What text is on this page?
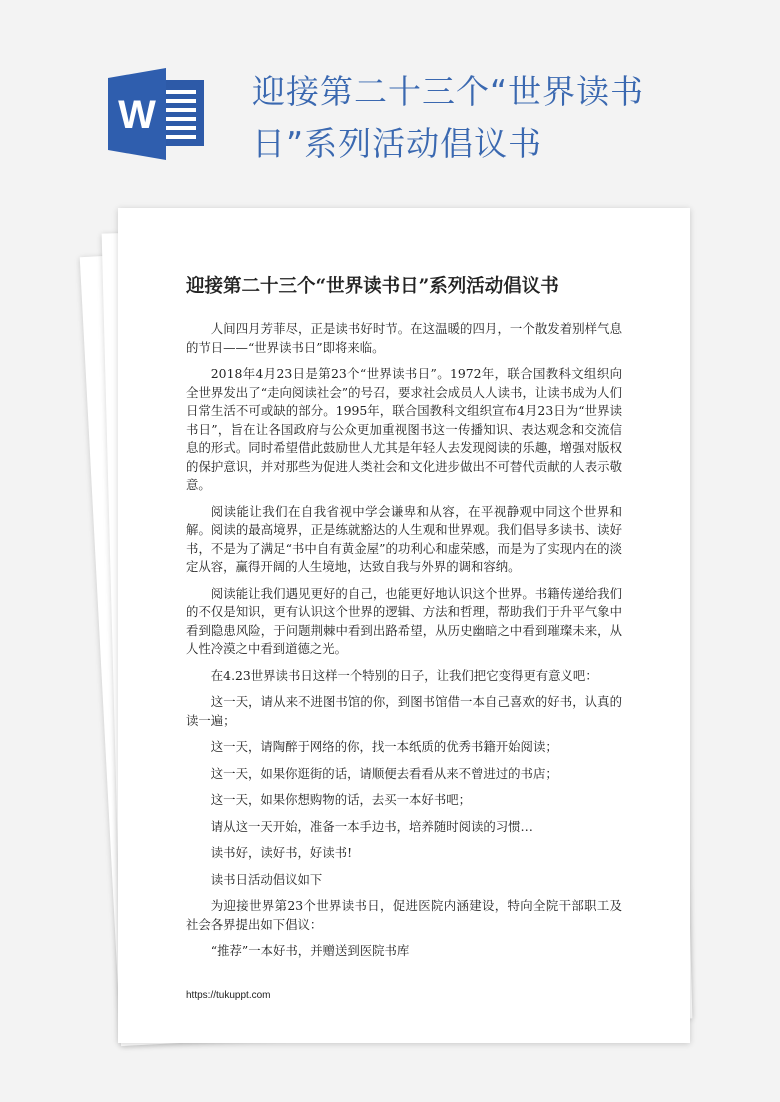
W
迎接第二十三个“世界读书日”系列活动倡议书
迎接第二十三个“世界读书日”系列活动倡议书

人间四月芳菲尽，正是读书好时节。在这温暖的四月，一个散发着别样气息的节日——“世界读书日”即将来临。

2018年4月23日是第23个“世界读书日”。1972年，联合国教科文组织向全世界发出了“走向阅读社会”的号召，要求社会成员人人读书，让读书成为人们日常生活不可或缺的部分。1995年，联合国教科文组织宣布4月23日为“世界读书日”，旨在让各国政府与公众更加重视图书这一传播知识、表达观念和交流信息的形式。同时希望借此鼓励世人尤其是年轻人去发现阅读的乐趣，增强对版权的保护意识，并对那些为促进人类社会和文化进步做出不可替代贡献的人表示敬意。

阅读能让我们在自我省视中学会谦卑和从容，在平视静观中同这个世界和解。阅读的最高境界，正是练就豁达的人生观和世界观。我们倡导多读书、读好书，不是为了满足“书中自有黄金屋”的功利心和虚荣感，而是为了实现内在的淡定从容，赢得开阔的人生境地，达致自我与外界的调和容纳。

阅读能让我们遇见更好的自己，也能更好地认识这个世界。书籍传递给我们的不仅是知识，更有认识这个世界的逻辑、方法和哲理，帮助我们于升平气象中看到隐患风险，于问题荆棘中看到出路希望，从历史幽暗之中看到璀璨未来，从人性冷漠之中看到道德之光。

在4.23世界读书日这样一个特别的日子，让我们把它变得更有意义吧：

这一天，请从来不进图书馆的你，到图书馆借一本自己喜欢的好书，认真的读一遍；

这一天，请陶醉于网络的你，找一本纸质的优秀书籍开始阅读；

这一天，如果你逛街的话，请顺便去看看从来不曾进过的书店；

这一天，如果你想购物的话，去买一本好书吧；

请从这一天开始，准备一本手边书，培养随时阅读的习惯…

读书好，读好书，好读书!

读书日活动倡议如下

为迎接世界第23个世界读书日，促进医院内涵建设，特向全院干部职工及社会各界提出如下倡议：

“推荐”一本好书，并赠送到医院书库

https://tukuppt.com
